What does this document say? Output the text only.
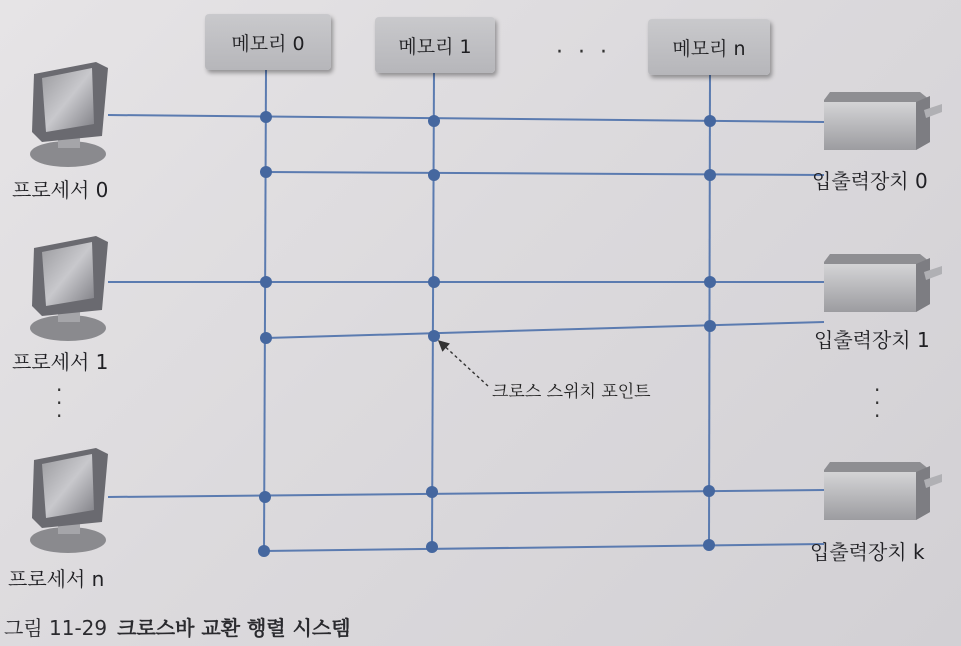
메모리 0	메모리 1	메모리 n
· · ·
프로세서 0
프로세서 1
·
·
·
프로세서 n
입출력장치 0
입출력장치 1
·
·
·
입출력장치 k
크로스 스위치 포인트
그림 11-29 크로스바 교환 행렬 시스템
